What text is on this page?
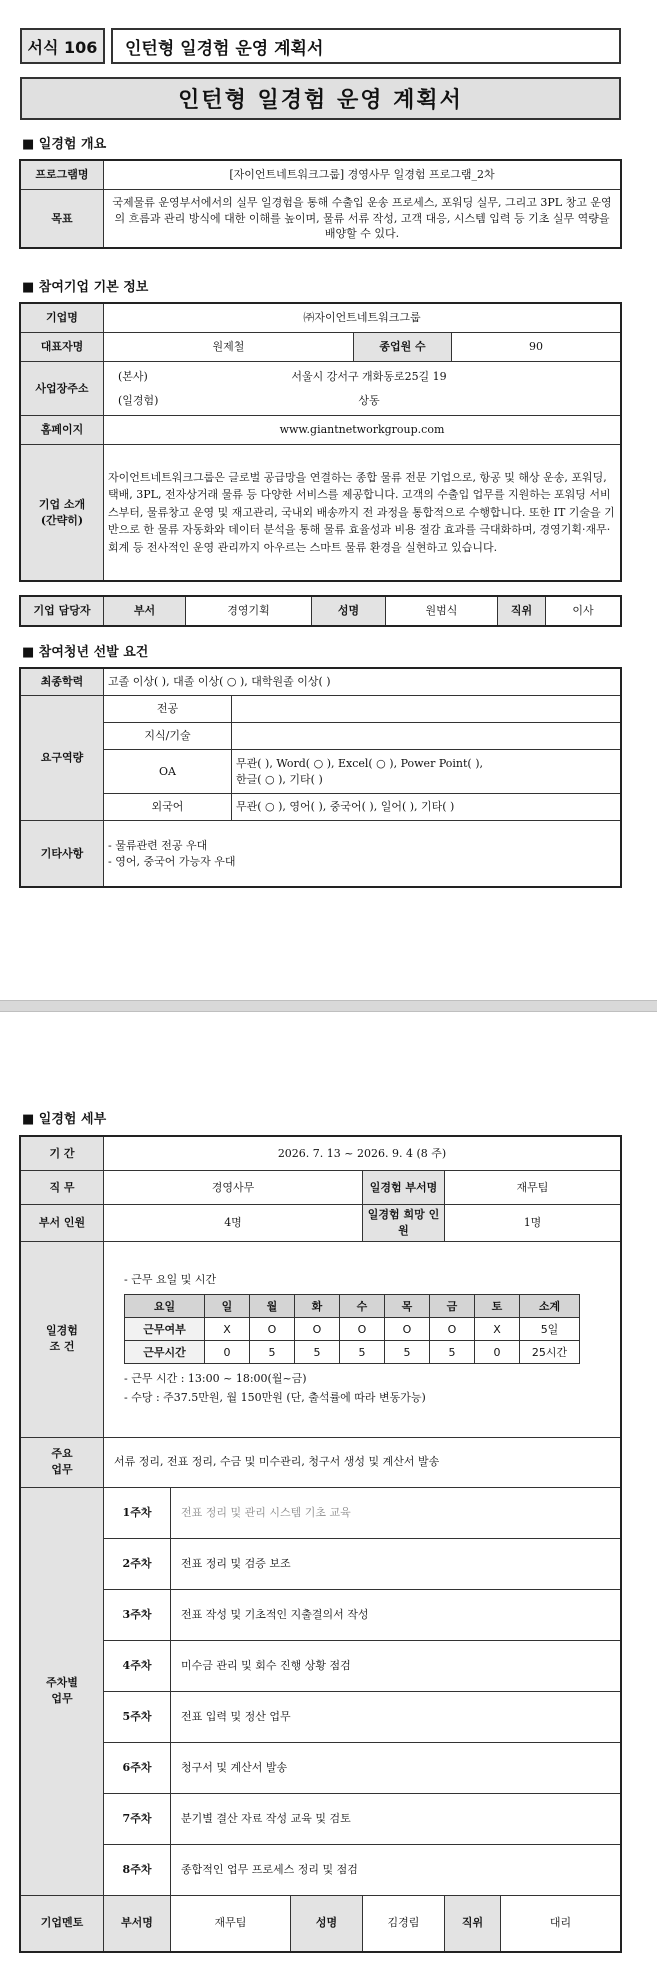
서식 106	인턴형 일경험 운영 계획서
인턴형 일경험 운영 계획서
■ 일경험 개요
프로그램명	[자이언트네트워크그룹] 경영사무 일경험 프로그램_2차
목표	국제물류 운영부서에서의 실무 일경험을 통해 수출입 운송 프로세스, 포워딩 실무, 그리고 3PL 창고 운영의 흐름과 관리 방식에 대한 이해를 높이며, 물류 서류 작성, 고객 대응, 시스템 입력 등 기초 실무 역량을 배양할 수 있다.
■ 참여기업 기본 정보
기업명	㈜자이언트네트워크그룹		
대표자명	원제철	종업원 수	90
사업장주소	(본사) 서울시 강서구 개화동로25길 19
(일경험) 상동		

홈페이지	www.giantnetworkgroup.com		

기업 소개
(간략히)	자이언트네트워크그룹은 글로벌 공급망을 연결하는 종합 물류 전문 기업으로, 항공 및 해상 운송, 포워딩, 택배, 3PL, 전자상거래 물류 등 다양한 서비스를 제공합니다. 고객의 수출입 업무를 지원하는 포워딩 서비스부터, 물류창고 운영 및 재고관리, 국내외 배송까지 전 과정을 통합적으로 수행합니다. 또한 IT 기술을 기반으로 한 물류 자동화와 데이터 분석을 통해 물류 효율성과 비용 절감 효과를 극대화하며, 경영기획·재무·회계 등 전사적인 운영 관리까지 아우르는 스마트 물류 환경을 실현하고 있습니다.		
기업 담당자	부서	경영기획	성명	원범식	직위	이사
■ 참여청년 선발 요건
최종학력	고졸 이상( ), 대졸 이상( ○ ), 대학원졸 이상( )	
요구역량	전공	
	지식/기술	
	OA	무관( ), Word( ○ ), Excel( ○ ), Power Point( ),
한글( ○ ), 기타( )

	외국어	무관( ○ ), 영어( ), 중국어( ), 일어( ), 기타( )
기타사항	- 물류관련 전공 우대
- 영어, 중국어 가능자 우대	
■ 일경험 세부
기 간	2026. 7. 13 ~ 2026. 9. 4 (8 주)
직 무	경영사무	일경험 부서명	재무팀
부서 인원	4명	일경험 희망 인원	1명

일경험
조 건

- 근무 요일 및 시간
요일	일	월	화	수	목	금	토	소계
근무여부	X	O	O	O	O	O	X	5일
근무시간	0	5	5	5	5	5	0	25시간
- 근무 시간 : 13:00 ~ 18:00(월~금)
- 수당 : 주37.5만원, 월 150만원 (단, 출석률에 따라 변동가능)

주요
업무
	서류 정리, 전표 정리, 수금 및 미수관리, 청구서 생성 및 계산서 발송

주차별
업무
	1주차	전표 정리 및 관리 시스템 기초 교육
2주차	전표 정리 및 검증 보조
3주차	전표 작성 및 기초적인 지출결의서 작성
4주차	미수금 관리 및 회수 진행 상황 점검
5주차	전표 입력 및 정산 업무
6주차	청구서 및 계산서 발송
7주차	분기별 결산 자료 작성 교육 및 검토
8주차	종합적인 업무 프로세스 정리 및 점검
기업멘토	부서명	재무팀	성명	김경림	직위	대리
